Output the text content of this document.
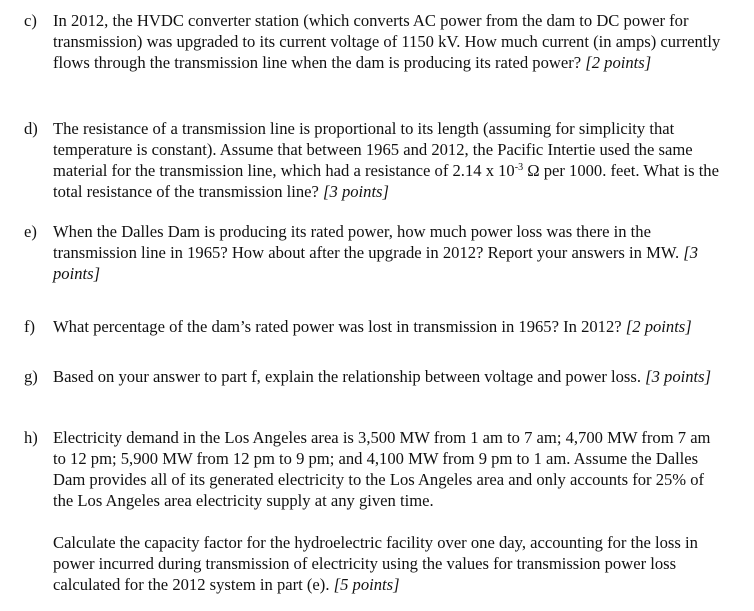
c) In 2012, the HVDC converter station (which converts AC power from the dam to DC power for transmission) was upgraded to its current voltage of 1150 kV. How much current (in amps) currently flows through the transmission line when the dam is producing its rated power? [2 points]

d) The resistance of a transmission line is proportional to its length (assuming for simplicity that temperature is constant). Assume that between 1965 and 2012, the Pacific Intertie used the same material for the transmission line, which had a resistance of 2.14 x $10^{-3}$ Ω per 1000. feet. What is the total resistance of the transmission line? [3 points]

e) When the Dalles Dam is producing its rated power, how much power loss was there in the transmission line in 1965? How about after the upgrade in 2012? Report your answers in MW. [3 points]

f)	What percentage of the dam’s rated power was lost in transmission in 1965? In 2012? [2 points]

g) Based on your answer to part f, explain the relationship between voltage and power loss. [3 points]

h) Electricity demand in the Los Angeles area is 3,500 MW from 1 am to 7 am; 4,700 MW from 7 am to 12 pm; 5,900 MW from 12 pm to 9 pm; and 4,100 MW from 9 pm to 1 am. Assume the Dalles Dam provides all of its generated electricity to the Los Angeles area and only accounts for 25% of the Los Angeles area electricity supply at any given time.

Calculate the capacity factor for the hydroelectric facility over one day, accounting for the loss in power incurred during transmission of electricity using the values for transmission power loss calculated for the 2012 system in part (e). [5 points]
